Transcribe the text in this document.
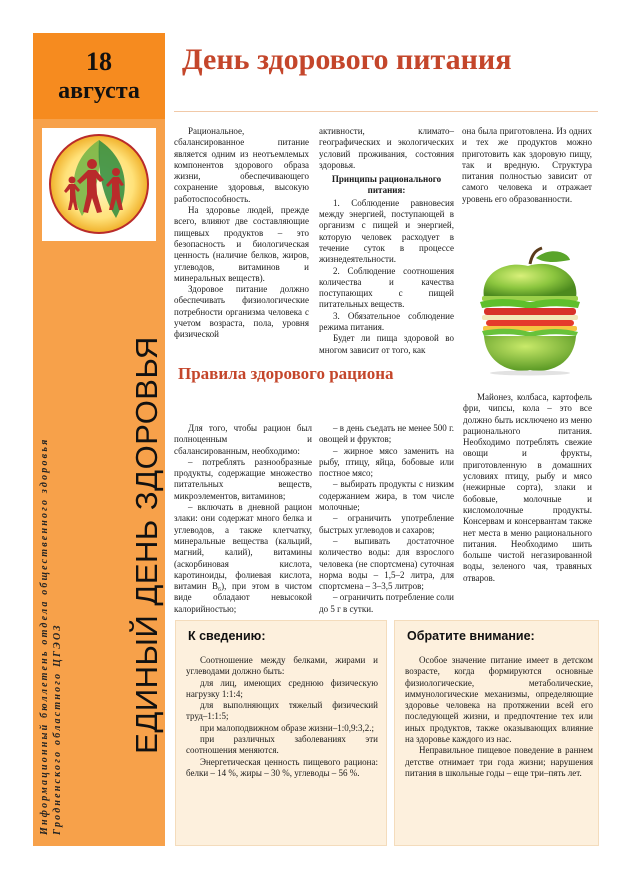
18
августа
ЕДИНЫЙ ДЕНЬ ЗДОРОВЬЯ
Информационный бюллетень отдела общественного здоровья Гродненского областного ЦГЭОЗ
День здорового питания

Рациональное, сбалансированное питание является одним из неотъемлемых компонентов здорового образа жизни, обеспечивающего сохранение здоровья, высокую работоспособность.

На здоровье людей, прежде всего, влияют две составляющие пищевых продуктов – это безопасность и биологическая ценность (наличие белков, жиров, углеводов, витаминов и минеральных веществ).

Здоровое питание должно обеспечивать физиологические потребности организма человека с учетом возраста, пола, уровня физической

активности, климато–географических и экологических условий проживания, состояния здоровья.

Принципы рационального питания:

1. Соблюдение равновесия между энергией, поступающей в организм с пищей и энергией, которую человек расходует в течение суток в процессе жизнедеятельности.

2. Соблюдение соотношения количества и качества поступающих с пищей питательных веществ.

3. Обязательное соблюдение режима питания.

Будет ли пища здоровой во многом зависит от того, как

она была приготовлена. Из одних и тех же продуктов можно приготовить как здоровую пищу, так и вредную. Структура питания полностью зависит от самого человека и отражает уровень его образованности.

Правила здорового рациона

Для того, чтобы рацион был полноценным и сбалансированным, необходимо:

– потреблять разнообразные продукты, содержащие множество питательных веществ, микроэлементов, витаминов;

– включать в дневной рацион злаки: они содержат много белка и углеводов, а также клетчатку, минеральные вещества (кальций, магний, калий), витамины (аскорбиновая кислота, каротиноиды, фолиевая кислота, витамин B₆), при этом в чистом виде обладают невысокой калорийностью;

– в день съедать не менее 500 г. овощей и фруктов;

– жирное мясо заменить на рыбу, птицу, яйца, бобовые или постное мясо;

– выбирать продукты с низким содержанием жира, в том числе молочные;

– ограничить употребление быстрых углеводов и сахаров;

– выпивать достаточное количество воды: для взрослого человека (не спортсмена) суточная норма воды – 1,5–2 литра, для спортсмена – 3–3,5 литров;

– ограничить потребление соли до 5 г в сутки.

Майонез, колбаса, картофель фри, чипсы, кола – это все должно быть исключено из меню рационального питания. Необходимо потреблять свежие овощи и фрукты, приготовленную в домашних условиях птицу, рыбу и мясо (нежирные сорта), злаки и бобовые, молочные и кисломолочные продукты. Консервам и консервантам также нет места в меню рационального питания. Необходимо шить больше чистой негазированной воды, зеленого чая, травяных отваров.

К сведению:

Соотношение между белками, жирами и углеводами должно быть:

для лиц, имеющих среднюю физическую нагрузку 1:1:4;

для выполняющих тяжелый физический труд–1:1:5;

при малоподвижном образе жизни–1:0,9:3,2.;

при различных заболеваниях эти соотношения меняются.

Энергетическая ценность пищевого рациона: белки – 14 %, жиры – 30 %, углеводы – 56 %.

Обратите внимание:

Особое значение питание имеет в детском возрасте, когда формируются основные физиологические, метаболические, иммунологические механизмы, определяющие здоровье человека на протяжении всей его последующей жизни, и предпочтение тех или иных продуктов, также оказывающих влияние на здоровье каждого из нас.

Неправильное пищевое поведение в раннем детстве отнимает три года жизни; нарушения питания в школьные годы – еще три–пять лет.
